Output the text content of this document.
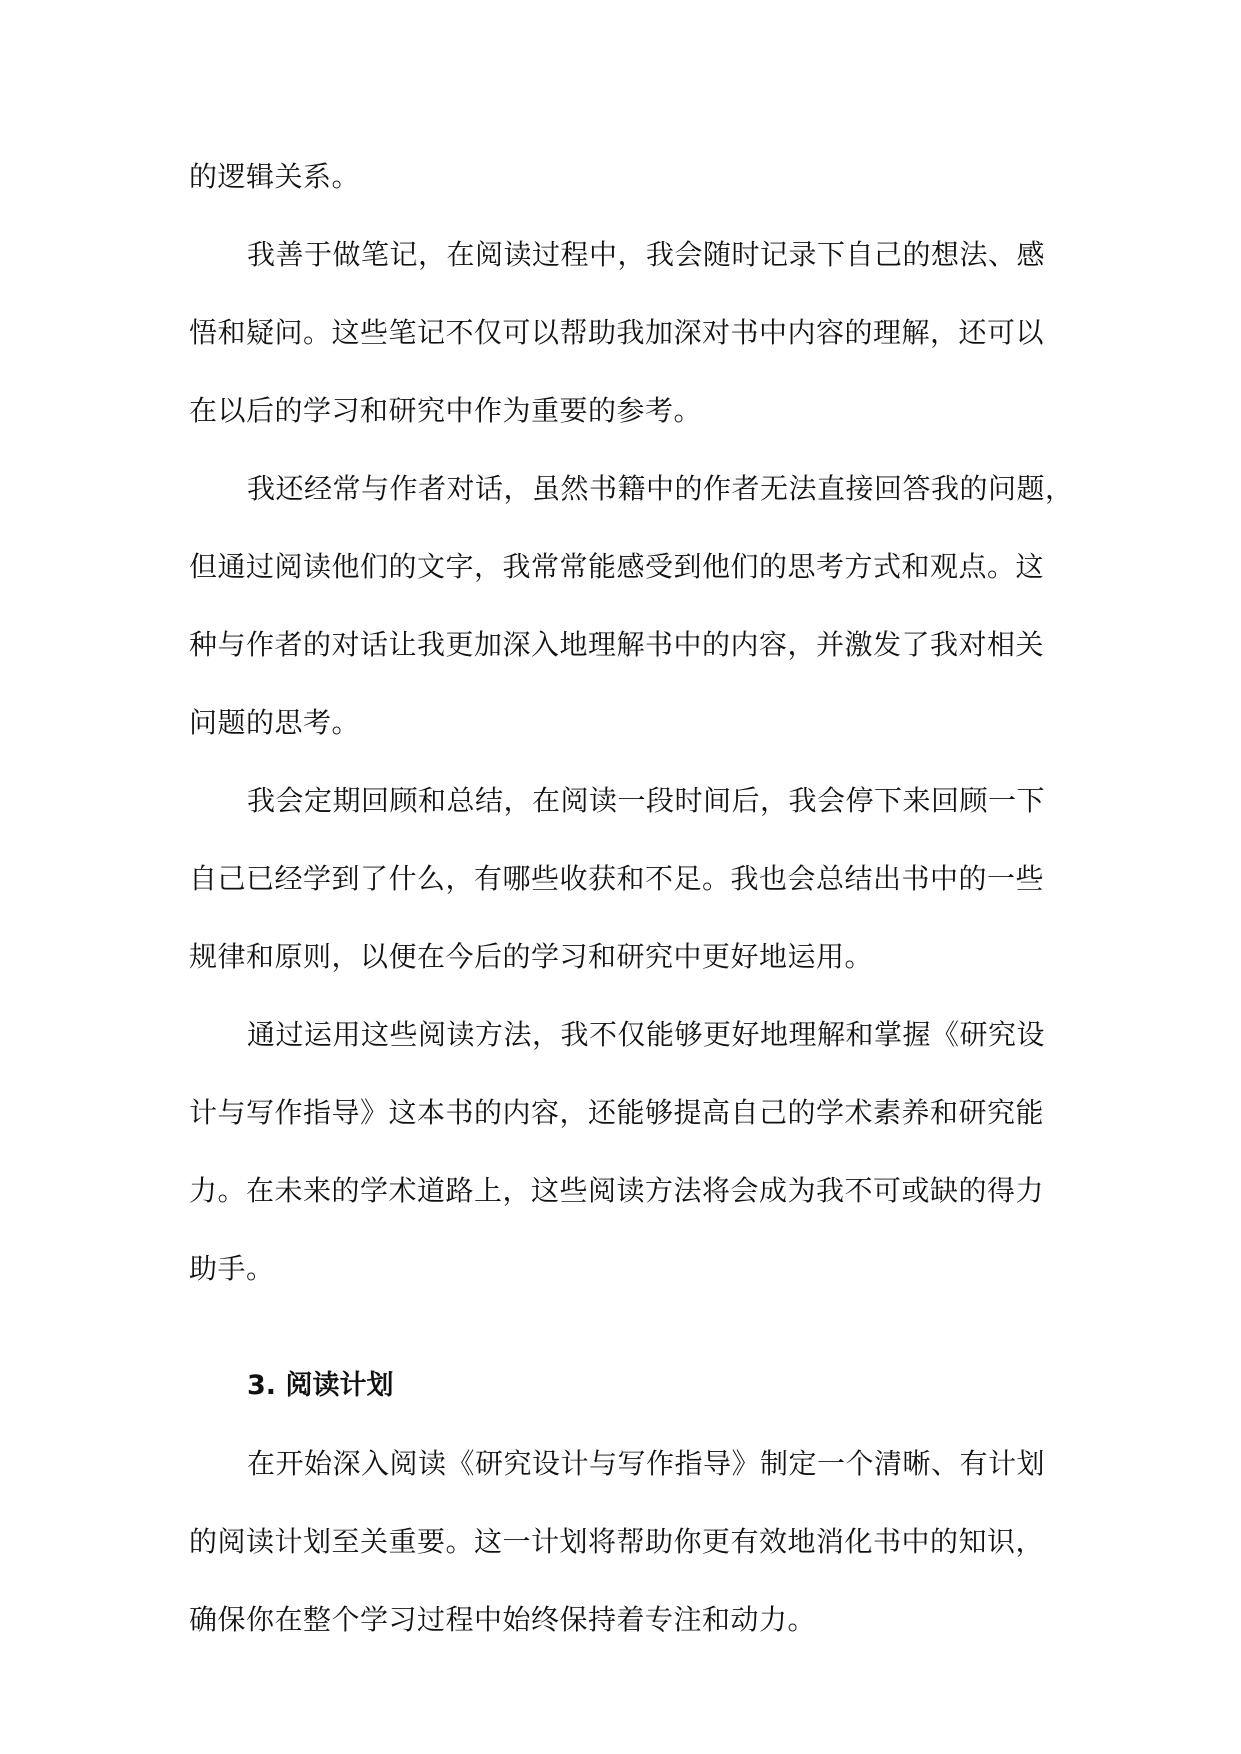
的逻辑关系。
我善于做笔记，在阅读过程中，我会随时记录下自己的想法、感
悟和疑问。这些笔记不仅可以帮助我加深对书中内容的理解，还可以
在以后的学习和研究中作为重要的参考。
我还经常与作者对话，虽然书籍中的作者无法直接回答我的问题，
但通过阅读他们的文字，我常常能感受到他们的思考方式和观点。这
种与作者的对话让我更加深入地理解书中的内容，并激发了我对相关
问题的思考。
我会定期回顾和总结，在阅读一段时间后，我会停下来回顾一下
自己已经学到了什么，有哪些收获和不足。我也会总结出书中的一些
规律和原则，以便在今后的学习和研究中更好地运用。
通过运用这些阅读方法，我不仅能够更好地理解和掌握《研究设
计与写作指导》这本书的内容，还能够提高自己的学术素养和研究能
力。在未来的学术道路上，这些阅读方法将会成为我不可或缺的得力
助手。
3. 阅读计划
在开始深入阅读《研究设计与写作指导》制定一个清晰、有计划
的阅读计划至关重要。这一计划将帮助你更有效地消化书中的知识，
确保你在整个学习过程中始终保持着专注和动力。
